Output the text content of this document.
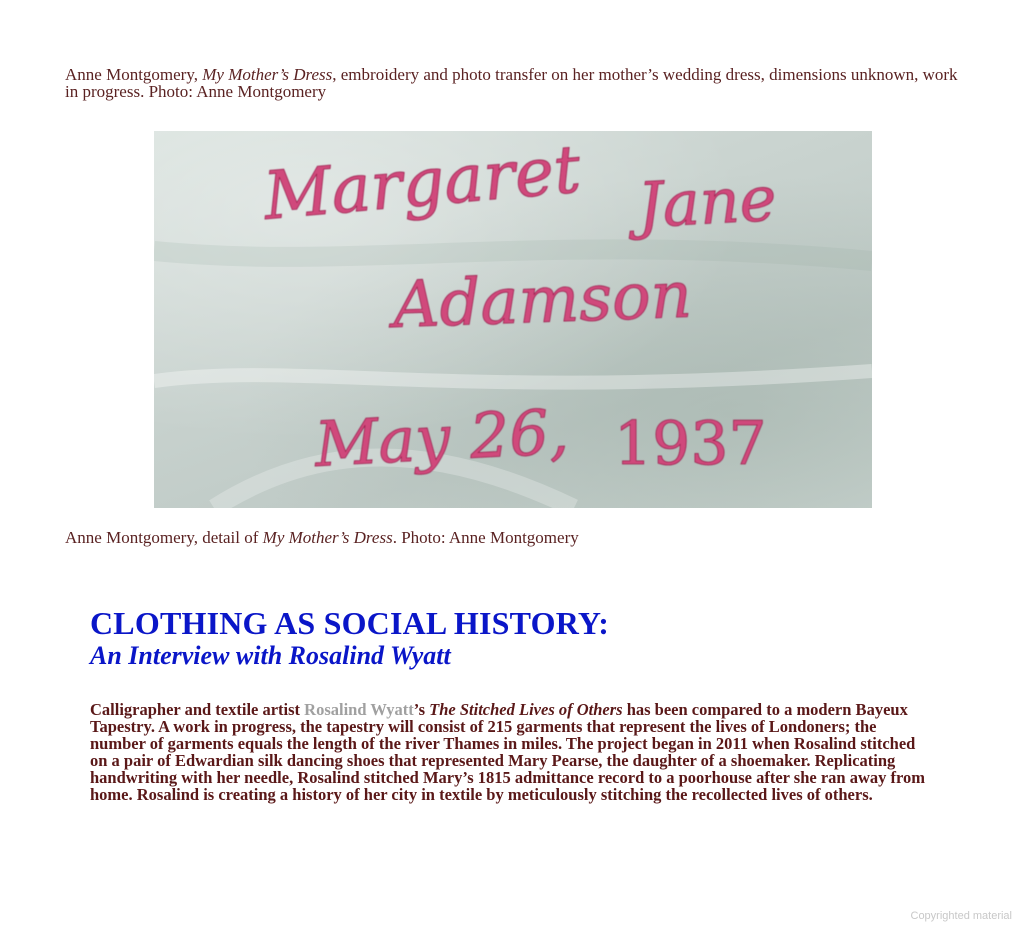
Anne Montgomery, My Mother’s Dress, embroidery and photo transfer on her mother’s wedding dress, dimensions unknown, work in progress. Photo: Anne Montgomery

Margaret Jane
Adamson
May 26, 1937

Anne Montgomery, detail of My Mother’s Dress. Photo: Anne Montgomery

CLOTHING AS SOCIAL HISTORY:
An Interview with Rosalind Wyatt

Calligrapher and textile artist Rosalind Wyatt’s The Stitched Lives of Others has been compared to a modern Bayeux Tapestry. A work in progress, the tapestry will consist of 215 garments that represent the lives of Londoners; the number of garments equals the length of the river Thames in miles. The project began in 2011 when Rosalind stitched on a pair of Edwardian silk dancing shoes that represented Mary Pearse, the daughter of a shoemaker. Replicating handwriting with her needle, Rosalind stitched Mary’s 1815 admittance record to a poorhouse after she ran away from home. Rosalind is creating a history of her city in textile by meticulously stitching the recollected lives of others.

Copyrighted material
